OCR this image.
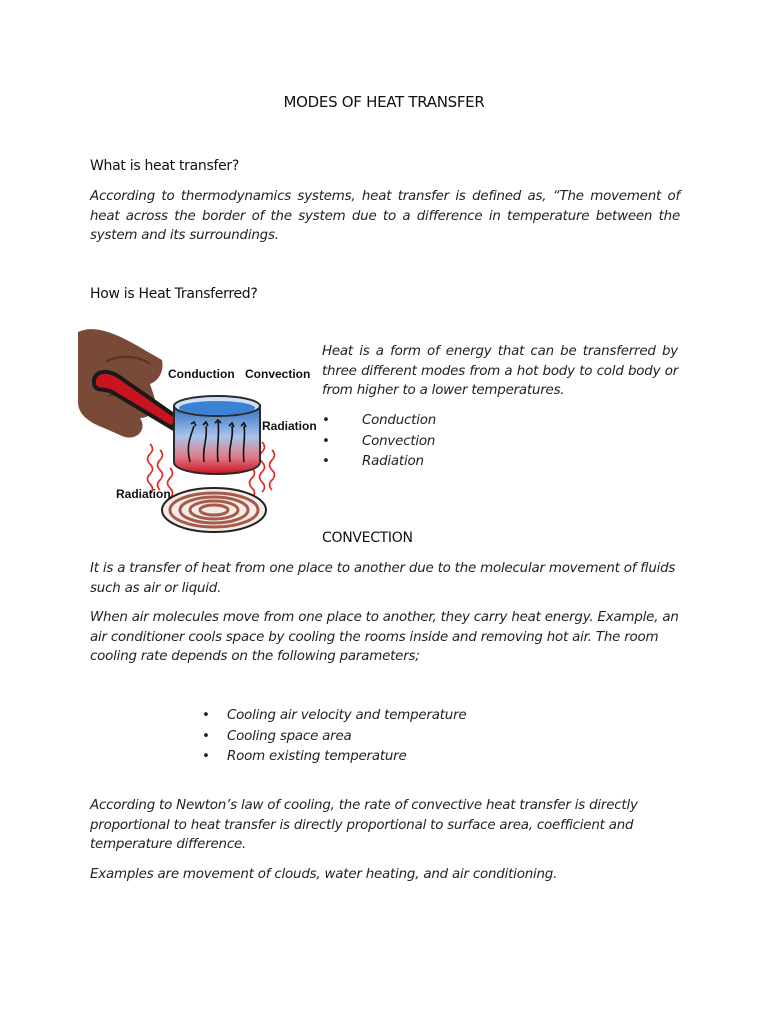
MODES OF HEAT TRANSFER
What is heat transfer?
According to thermodynamics systems, heat transfer is defined as, “The movement of heat across the border of the system due to a difference in temperature between the system and its surroundings.
How is Heat Transferred?
Conduction Convection
Radiation
Radiation
Heat is a form of energy that can be transferred by three different modes from a hot body to cold body or from higher to a lower temperatures.
• Conduction
• Convection
• Radiation
CONVECTION
It is a transfer of heat from one place to another due to the molecular movement of fluids such as air or liquid.
When air molecules move from one place to another, they carry heat energy. Example, an air conditioner cools space by cooling the rooms inside and removing hot air. The room cooling rate depends on the following parameters;
• Cooling air velocity and temperature
• Cooling space area
• Room existing temperature
According to Newton’s law of cooling, the rate of convective heat transfer is directly proportional to heat transfer is directly proportional to surface area, coefficient and temperature difference.
Examples are movement of clouds, water heating, and air conditioning.
